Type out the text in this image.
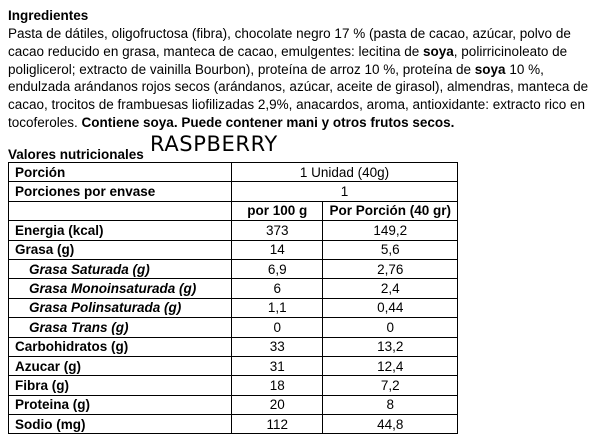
Ingredientes
Pasta de dátiles, oligofructosa (fibra), chocolate negro 17 % (pasta de cacao, azúcar, polvo de cacao reducido en grasa, manteca de cacao, emulgentes: lecitina de soya, polirricinoleato de poliglicerol; extracto de vainilla Bourbon), proteína de arroz 10 %, proteína de soya 10 %, endulzada arándanos rojos secos (arándanos, azúcar, aceite de girasol), almendras, manteca de cacao, trocitos de frambuesas liofilizadas 2,9%, anacardos, aroma, antioxidante: extracto rico en tocoferoles. Contiene soya. Puede contener mani y otros frutos secos.
Valores nutricionales RASPBERRY
Porción	1 Unidad (40g)	
Porciones por envase	1	
	por 100 g	Por Porción (40 gr)
Energia (kcal)	373	149,2
Grasa (g)	14	5,6
Grasa Saturada (g)	6,9	2,76
Grasa Monoinsaturada (g)	6	2,4
Grasa Polinsaturada (g)	1,1	0,44
Grasa Trans (g)	0	0
Carbohidratos (g)	33	13,2
Azucar (g)	31	12,4
Fibra (g)	18	7,2
Proteina (g)	20	8
Sodio (mg)	112	44,8
